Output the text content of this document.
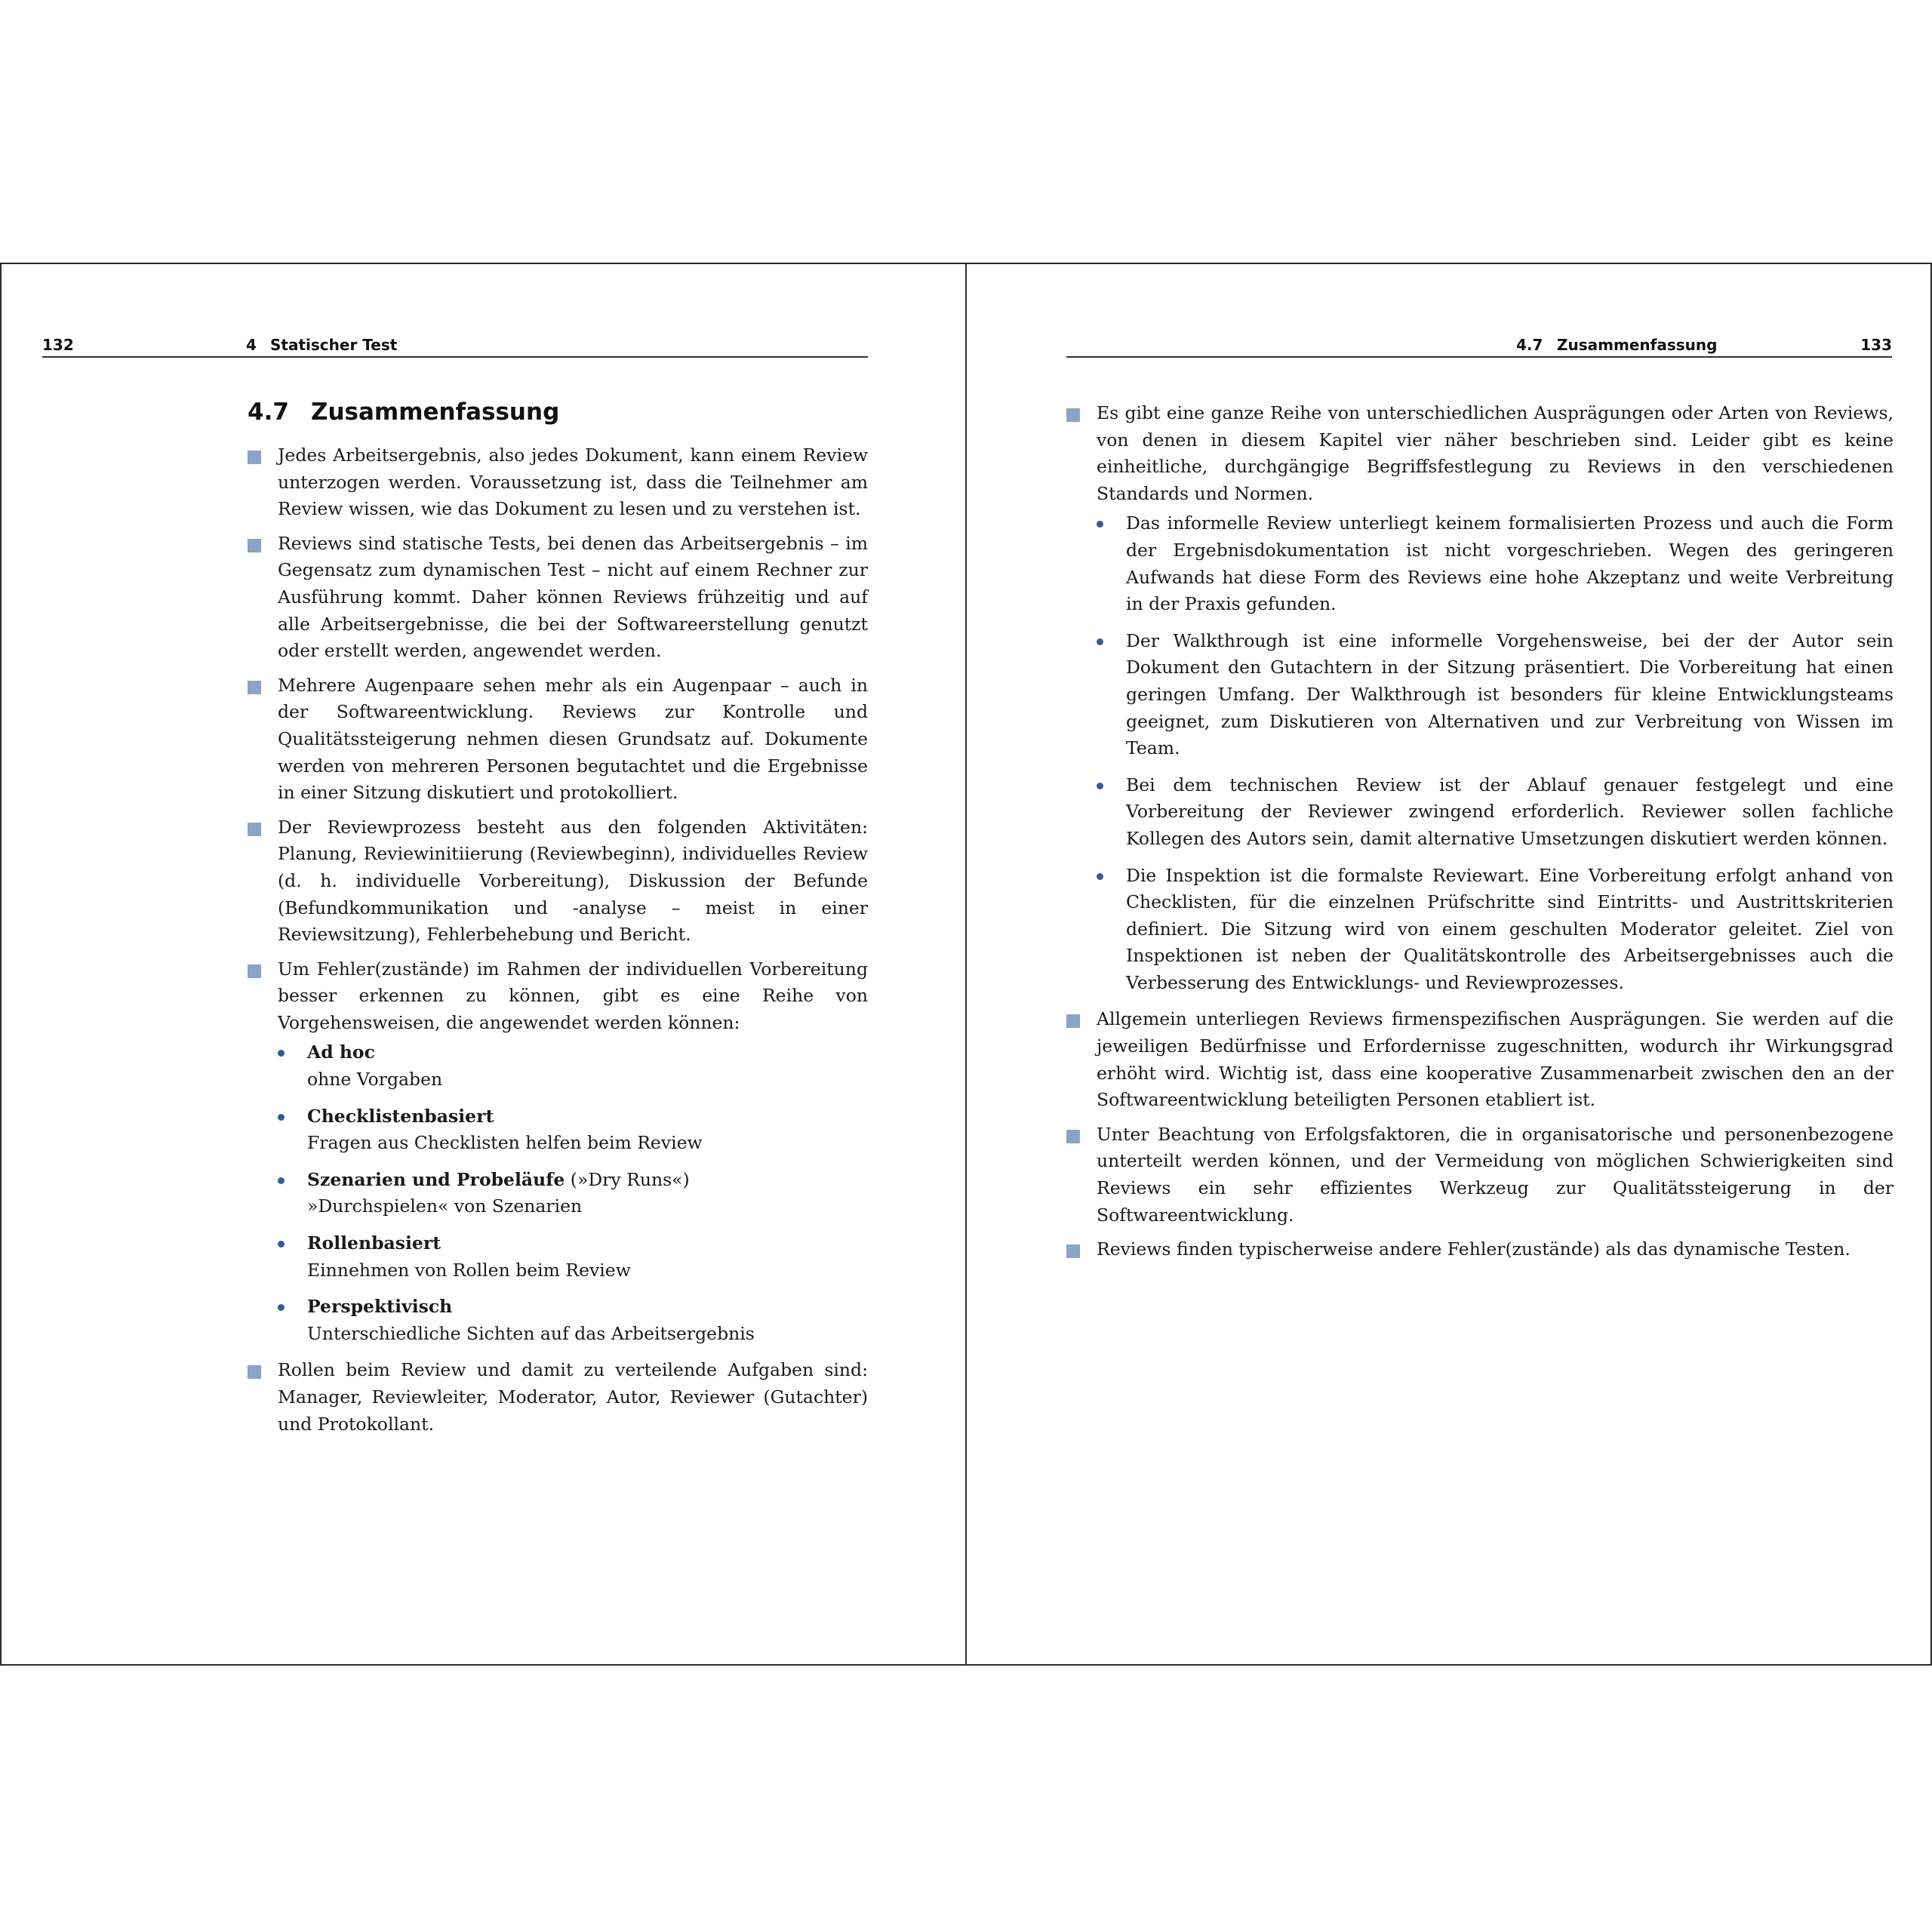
132	4 Statischer Test
4.7 Zusammenfassung
Jedes Arbeitsergebnis, also jedes Dokument, kann einem Review unterzogen werden. Voraussetzung ist, dass die Teilnehmer am Review wissen, wie das Dokument zu lesen und zu verstehen ist.
Reviews sind statische Tests, bei denen das Arbeitsergebnis – im Gegensatz zum dynamischen Test – nicht auf einem Rechner zur Ausführung kommt. Daher können Reviews frühzeitig und auf alle Arbeitsergebnisse, die bei der Softwareerstellung genutzt oder erstellt werden, angewendet werden.
Mehrere Augenpaare sehen mehr als ein Augenpaar – auch in der Softwareentwicklung. Reviews zur Kontrolle und Qualitätssteigerung nehmen diesen Grundsatz auf. Dokumente werden von mehreren Personen begutachtet und die Ergebnisse in einer Sitzung diskutiert und protokolliert.
Der Reviewprozess besteht aus den folgenden Aktivitäten: Planung, Reviewinitiierung (Reviewbeginn), individuelles Review (d. h. individuelle Vorbereitung), Diskussion der Befunde (Befundkommunikation und -analyse – meist in einer Reviewsitzung), Fehlerbehebung und Bericht.
Um Fehler(zustände) im Rahmen der individuellen Vorbereitung besser erkennen zu können, gibt es eine Reihe von Vorgehensweisen, die angewendet werden können:
Ad hoc
ohne Vorgaben
Checklistenbasiert
Fragen aus Checklisten helfen beim Review
Szenarien und Probeläufe (»Dry Runs«)
»Durchspielen« von Szenarien
Rollenbasiert
Einnehmen von Rollen beim Review
Perspektivisch
Unterschiedliche Sichten auf das Arbeitsergebnis
Rollen beim Review und damit zu verteilende Aufgaben sind: Manager, Reviewleiter, Moderator, Autor, Reviewer (Gutachter) und Protokollant.
4.7 Zusammenfassung	133
Es gibt eine ganze Reihe von unterschiedlichen Ausprägungen oder Arten von Reviews, von denen in diesem Kapitel vier näher beschrieben sind. Leider gibt es keine einheitliche, durchgängige Begriffsfestlegung zu Reviews in den verschiedenen Standards und Normen.
Das informelle Review unterliegt keinem formalisierten Prozess und auch die Form der Ergebnisdokumentation ist nicht vorgeschrieben. Wegen des geringeren Aufwands hat diese Form des Reviews eine hohe Akzeptanz und weite Verbreitung in der Praxis gefunden.
Der Walkthrough ist eine informelle Vorgehensweise, bei der der Autor sein Dokument den Gutachtern in der Sitzung präsentiert. Die Vorbereitung hat einen geringen Umfang. Der Walkthrough ist besonders für kleine Entwicklungsteams geeignet, zum Diskutieren von Alternativen und zur Verbreitung von Wissen im Team.
Bei dem technischen Review ist der Ablauf genauer festgelegt und eine Vorbereitung der Reviewer zwingend erforderlich. Reviewer sollen fachliche Kollegen des Autors sein, damit alternative Umsetzungen diskutiert werden können.
Die Inspektion ist die formalste Reviewart. Eine Vorbereitung erfolgt anhand von Checklisten, für die einzelnen Prüfschritte sind Eintritts- und Austrittskriterien definiert. Die Sitzung wird von einem geschulten Moderator geleitet. Ziel von Inspektionen ist neben der Qualitätskontrolle des Arbeitsergebnisses auch die Verbesserung des Entwicklungs- und Reviewprozesses.
Allgemein unterliegen Reviews firmenspezifischen Ausprägungen. Sie werden auf die jeweiligen Bedürfnisse und Erfordernisse zugeschnitten, wodurch ihr Wirkungsgrad erhöht wird. Wichtig ist, dass eine kooperative Zusammenarbeit zwischen den an der Softwareentwicklung beteiligten Personen etabliert ist.
Unter Beachtung von Erfolgsfaktoren, die in organisatorische und personenbezogene unterteilt werden können, und der Vermeidung von möglichen Schwierigkeiten sind Reviews ein sehr effizientes Werkzeug zur Qualitätssteigerung in der Softwareentwicklung.
Reviews finden typischerweise andere Fehler(zustände) als das dynamische Testen.
